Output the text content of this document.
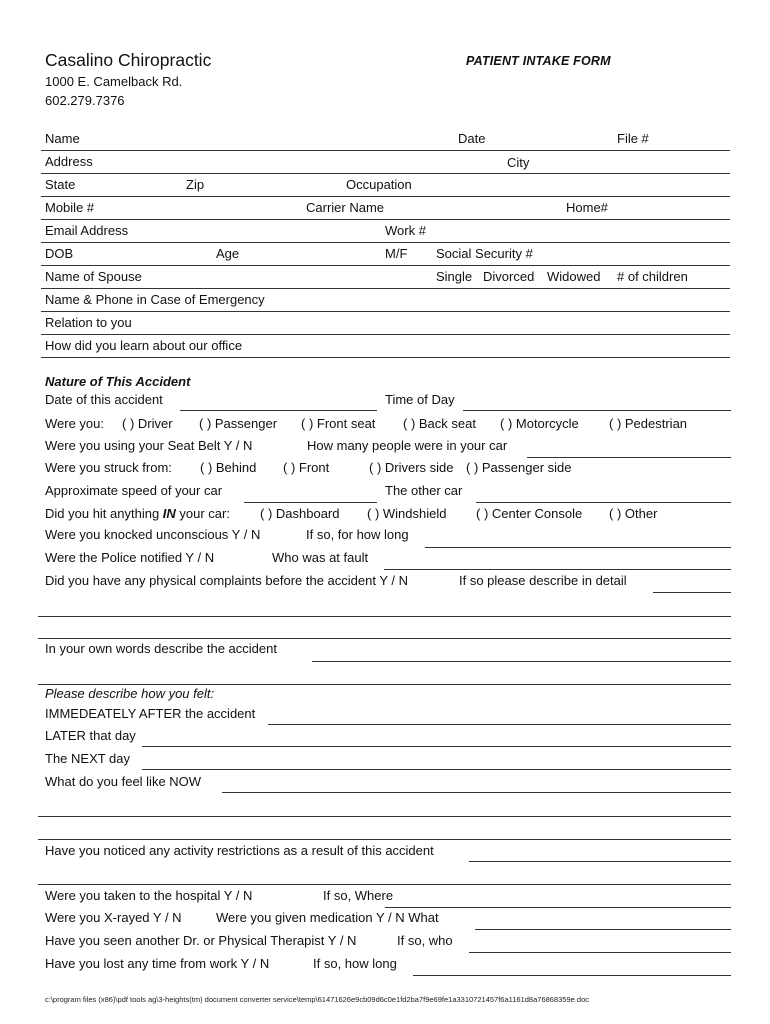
Casalino Chiropractic	PATIENT INTAKE FORM
1000 E. Camelback Rd.
602.279.7376
Name	Date	File #
Address	City
State	Zip	Occupation
Mobile #	Carrier Name	Home#
Email Address	Work #
DOB	Age	M/F Social Security #
Name of Spouse	Single Divorced Widowed # of children
Name & Phone in Case of Emergency
Relation to you
How did you learn about our office
Nature of This Accident
Date of this accident	Time of Day
Were you: ( ) Driver ( ) Passenger ( ) Front seat ( ) Back seat ( ) Motorcycle ( ) Pedestrian
Were you using your Seat Belt Y / N	How many people were in your car
Were you struck from: ( ) Behind ( ) Front	( ) Drivers side ( ) Passenger side
Approximate speed of your car	The other car
Did you hit anything IN your car: ( ) Dashboard ( ) Windshield ( ) Center Console ( ) Other
Were you knocked unconscious Y / N	If so, for how long
Were the Police notified Y / N	Who was at fault
Did you have any physical complaints before the accident Y / N	If so please describe in detail
In your own words describe the accident
Please describe how you felt:
IMMEDEATELY AFTER the accident
LATER that day
The NEXT day
What do you feel like NOW
Have you noticed any activity restrictions as a result of this accident
Were you taken to the hospital Y / N	If so, Where
Were you X-rayed Y / N	Were you given medication Y / N What
Have you seen another Dr. or Physical Therapist Y / N	If so, who
Have you lost any time from work Y / N	If so, how long
c:\program files (x86)\pdf tools ag\3-heights(tm) document converter service\temp\61471626e9cb09d6c0e1fd2ba7f9e69fe1a3310721457f6a1161d8a76868359e.doc
